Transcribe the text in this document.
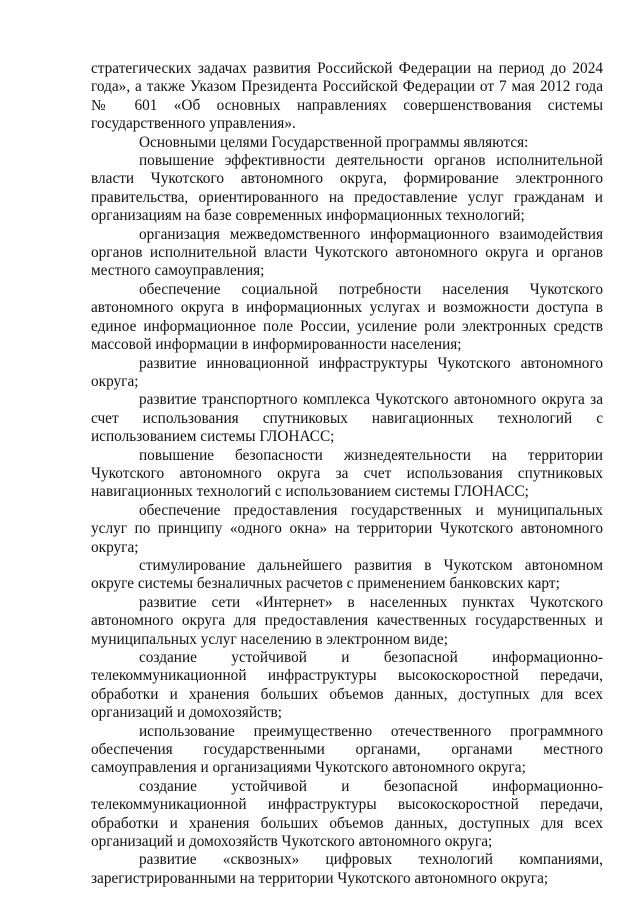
стратегических задачах развития Российской Федерации на период до 2024 года», а также Указом Президента Российской Федерации от 7 мая 2012 года № 601 «Об основных направлениях совершенствования системы государственного управления».

Основными целями Государственной программы являются:

повышение эффективности деятельности органов исполнительной власти Чукотского автономного округа, формирование электронного правительства, ориентированного на предоставление услуг гражданам и организациям на базе современных информационных технологий;

организация межведомственного информационного взаимодействия органов исполнительной власти Чукотского автономного округа и органов местного самоуправления;

обеспечение социальной потребности населения Чукотского автономного округа в информационных услугах и возможности доступа в единое информационное поле России, усиление роли электронных средств массовой информации в информированности населения;

развитие инновационной инфраструктуры Чукотского автономного округа;

развитие транспортного комплекса Чукотского автономного округа за счет использования спутниковых навигационных технологий с использованием системы ГЛОНАСС;

повышение безопасности жизнедеятельности на территории Чукотского автономного округа за счет использования спутниковых навигационных технологий с использованием системы ГЛОНАСС;

обеспечение предоставления государственных и муниципальных услуг по принципу «одного окна» на территории Чукотского автономного округа;

стимулирование дальнейшего развития в Чукотском автономном округе системы безналичных расчетов с применением банковских карт;

развитие сети «Интернет» в населенных пунктах Чукотского автономного округа для предоставления качественных государственных и муниципальных услуг населению в электронном виде;

создание устойчивой и безопасной информационно-телекоммуникационной инфраструктуры высокоскоростной передачи, обработки и хранения больших объемов данных, доступных для всех организаций и домохозяйств;

использование преимущественно отечественного программного обеспечения государственными органами, органами местного самоуправления и организациями Чукотского автономного округа;

создание устойчивой и безопасной информационно-телекоммуникационной инфраструктуры высокоскоростной передачи, обработки и хранения больших объемов данных, доступных для всех организаций и домохозяйств Чукотского автономного округа;

развитие «сквозных» цифровых технологий компаниями, зарегистрированными на территории Чукотского автономного округа;
